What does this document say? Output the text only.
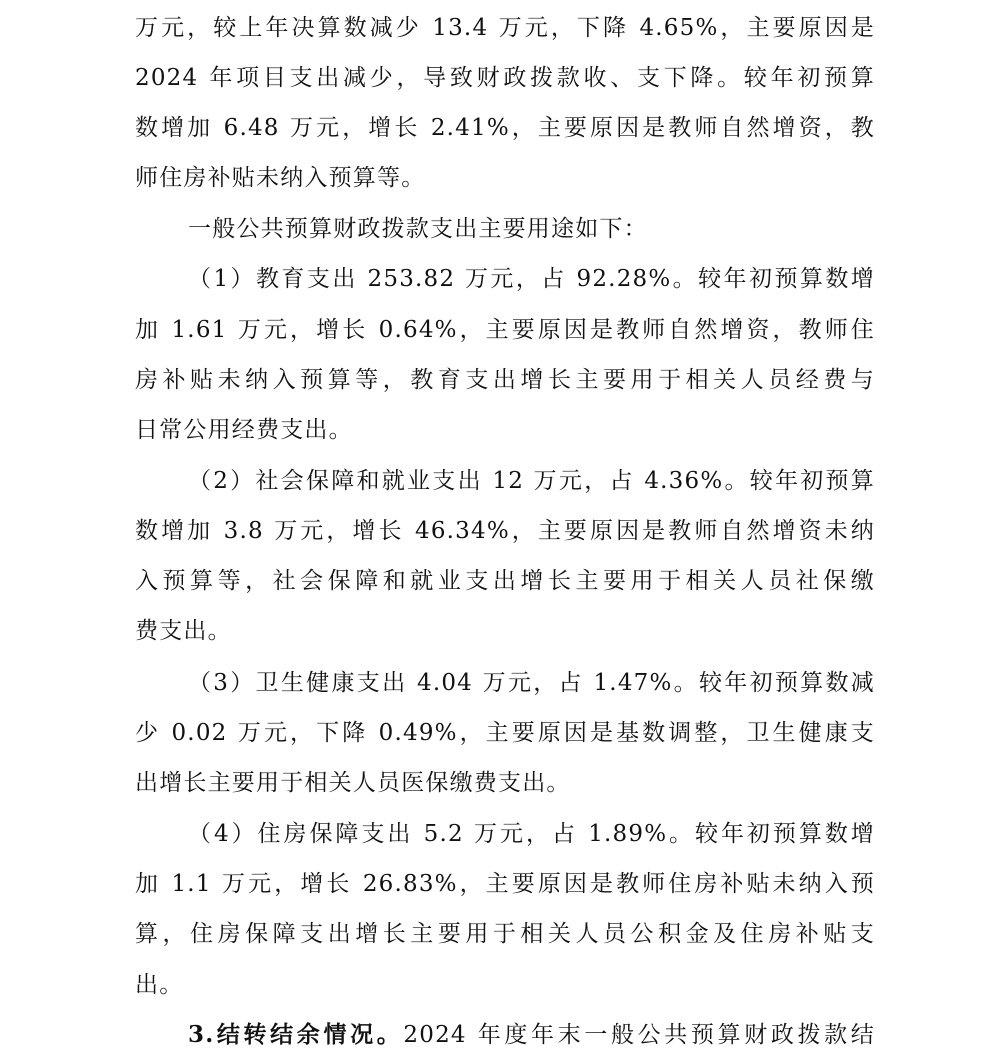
万元，较上年决算数减少 13.4 万元，下降 4.65%，主要原因是

2024 年项目支出减少，导致财政拨款收、支下降。较年初预算

数增加 6.48 万元，增长 2.41%，主要原因是教师自然增资，教

师住房补贴未纳入预算等。

一般公共预算财政拨款支出主要用途如下：

（1）教育支出 253.82 万元，占 92.28%。较年初预算数增

加 1.61 万元，增长 0.64%，主要原因是教师自然增资，教师住

房补贴未纳入预算等，教育支出增长主要用于相关人员经费与

日常公用经费支出。

（2）社会保障和就业支出 12 万元，占 4.36%。较年初预算

数增加 3.8 万元，增长 46.34%，主要原因是教师自然增资未纳

入预算等，社会保障和就业支出增长主要用于相关人员社保缴

费支出。

（3）卫生健康支出 4.04 万元，占 1.47%。较年初预算数减

少 0.02 万元，下降 0.49%，主要原因是基数调整，卫生健康支

出增长主要用于相关人员医保缴费支出。

（4）住房保障支出 5.2 万元，占 1.89%。较年初预算数增

加 1.1 万元，增长 26.83%，主要原因是教师住房补贴未纳入预

算，住房保障支出增长主要用于相关人员公积金及住房补贴支

出。

3.结转结余情况。2024 年度年末一般公共预算财政拨款结
